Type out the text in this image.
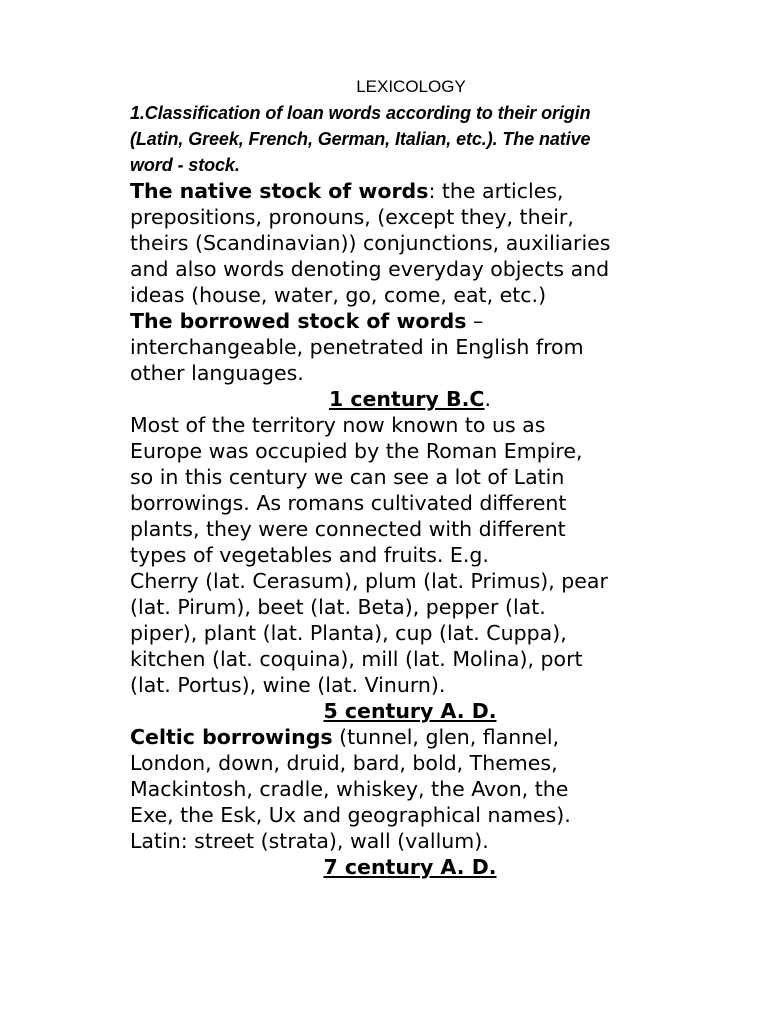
LEXICOLOGY

1.Classification of loan words according to their origin
(Latin, Greek, French, German, Italian, etc.). The native
word - stock.

The native stock of words: the articles,
prepositions, pronouns, (except they, their,
theirs (Scandinavian)) conjunctions, auxiliaries
and also words denoting everyday objects and
ideas (house, water, go, come, eat, etc.)

The borrowed stock of words –
interchangeable, penetrated in English from
other languages.

1 century B.C.

Most of the territory now known to us as
Europe was occupied by the Roman Empire,
so in this century we can see a lot of Latin
borrowings. As romans cultivated different
plants, they were connected with different
types of vegetables and fruits. E.g.
Cherry (lat. Cerasum), plum (lat. Primus), pear
(lat. Pirum), beet (lat. Beta), pepper (lat.
piper), plant (lat. Planta), cup (lat. Cuppa),
kitchen (lat. coquina), mill (lat. Molina), port
(lat. Portus), wine (lat. Vinurn).

5 century A. D.

Celtic borrowings (tunnel, glen, flannel,
London, down, druid, bard, bold, Themes,
Mackintosh, cradle, whiskey, the Avon, the
Exe, the Esk, Ux and geographical names).
Latin: street (strata), wall (vallum).

7 century A. D.
